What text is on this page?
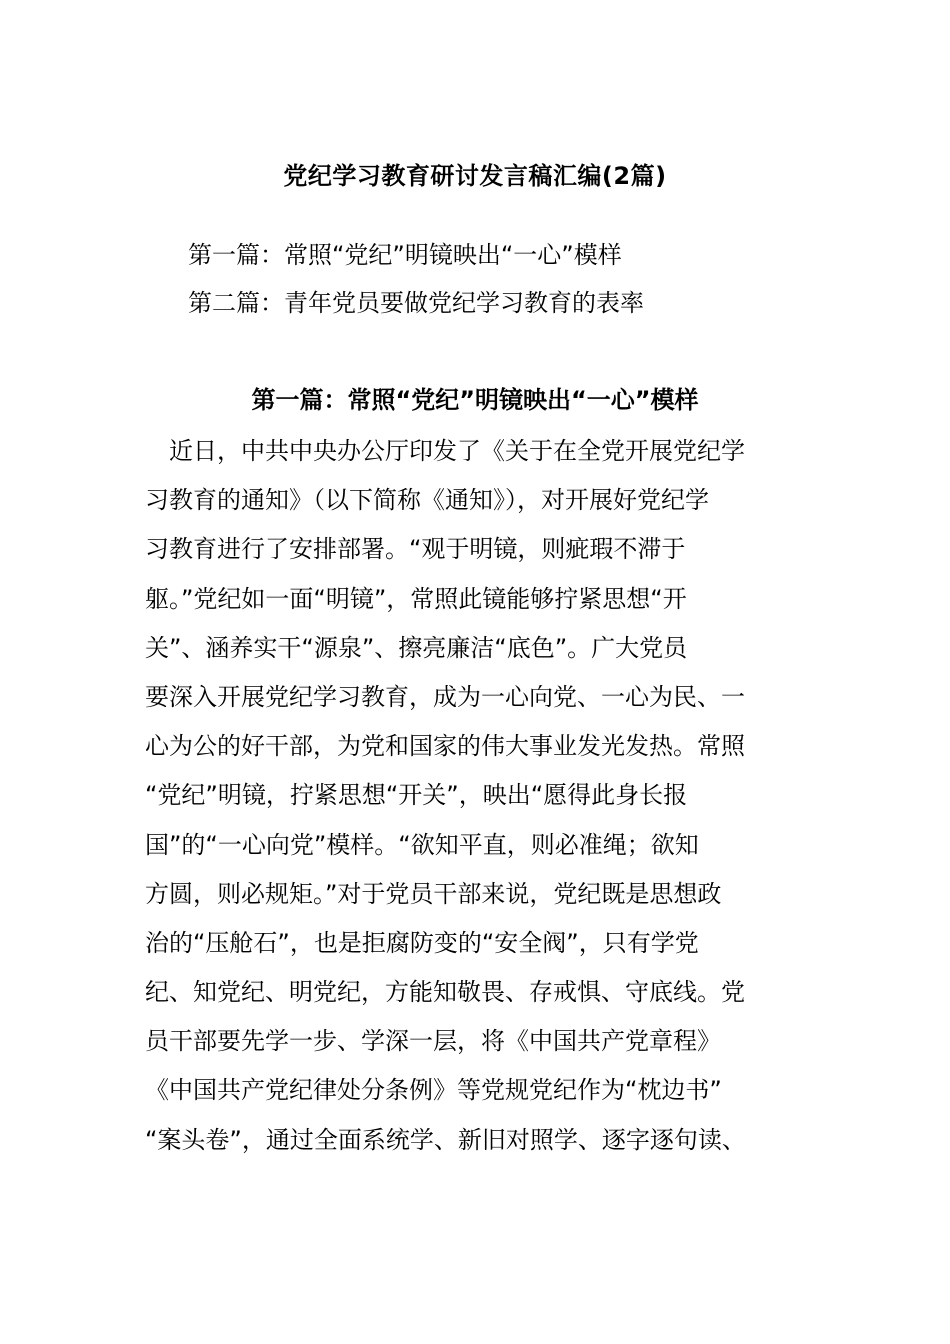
党纪学习教育研讨发言稿汇编(2篇)
第一篇：常照“党纪”明镜映出“一心”模样
第二篇：青年党员要做党纪学习教育的表率
第一篇：常照“党纪”明镜映出“一心”模样
　近日，中共中央办公厅印发了《关于在全党开展党纪学
习教育的通知》（以下简称《通知》），对开展好党纪学
习教育进行了安排部署。“观于明镜，则疵瑕不滞于
躯。”党纪如一面“明镜”，常照此镜能够拧紧思想“开
关”、涵养实干“源泉”、擦亮廉洁“底色”。广大党员
要深入开展党纪学习教育，成为一心向党、一心为民、一
心为公的好干部，为党和国家的伟大事业发光发热。常照
“党纪”明镜，拧紧思想“开关”，映出“愿得此身长报
国”的“一心向党”模样。“欲知平直，则必准绳；欲知
方圆，则必规矩。”对于党员干部来说，党纪既是思想政
治的“压舱石”，也是拒腐防变的“安全阀”，只有学党
纪、知党纪、明党纪，方能知敬畏、存戒惧、守底线。党
员干部要先学一步、学深一层，将《中国共产党章程》
《中国共产党纪律处分条例》等党规党纪作为“枕边书”
“案头卷”，通过全面系统学、新旧对照学、逐字逐句读、
